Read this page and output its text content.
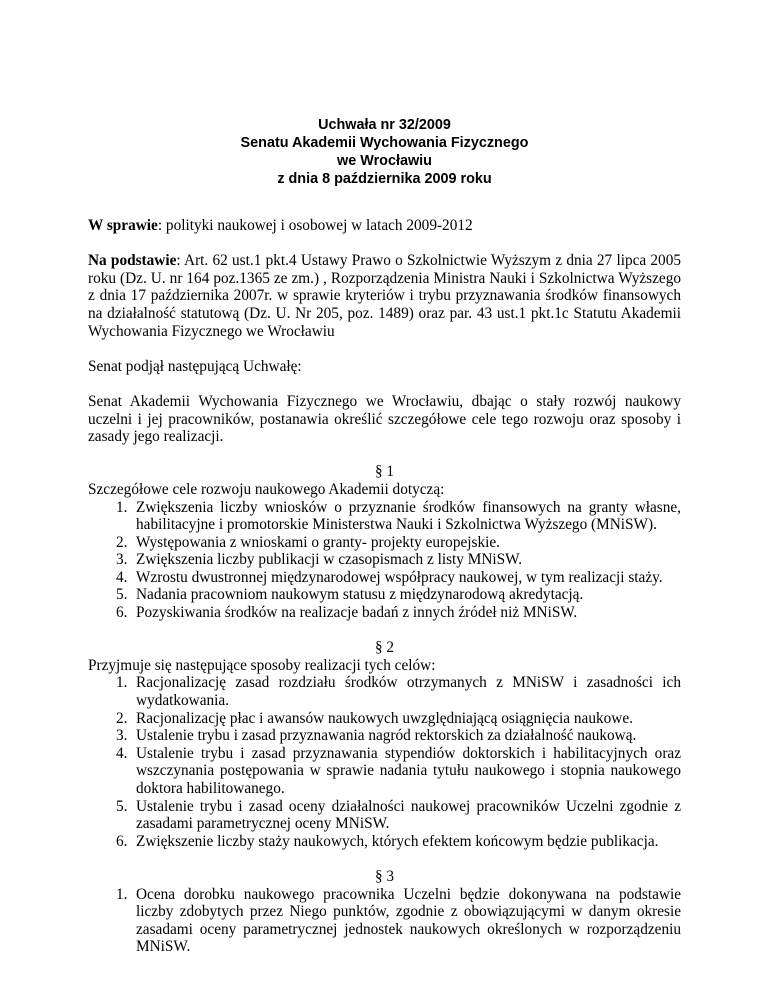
Uchwała nr 32/2009

Senatu Akademii Wychowania Fizycznego

we Wrocławiu

z dnia 8 października 2009 roku

W sprawie: polityki naukowej i osobowej w latach 2009-2012

Na podstawie: Art. 62 ust.1 pkt.4 Ustawy Prawo o Szkolnictwie Wyższym z dnia 27 lipca 2005 roku (Dz. U. nr 164 poz.1365 ze zm.) , Rozporządzenia Ministra Nauki i Szkolnictwa Wyższego z dnia 17 października 2007r. w sprawie kryteriów i trybu przyznawania środków finansowych na działalność statutową (Dz. U. Nr 205, poz. 1489) oraz par. 43 ust.1 pkt.1c Statutu Akademii Wychowania Fizycznego we Wrocławiu

Senat podjął następującą Uchwałę:

Senat Akademii Wychowania Fizycznego we Wrocławiu, dbając o stały rozwój naukowy uczelni i jej pracowników, postanawia określić szczegółowe cele tego rozwoju oraz sposoby i zasady jego realizacji.

§ 1

Szczegółowe cele rozwoju naukowego Akademii dotyczą:

1. Zwiększenia liczby wniosków o przyznanie środków finansowych na granty własne, habilitacyjne i promotorskie Ministerstwa Nauki i Szkolnictwa Wyższego (MNiSW).
2. Występowania z wnioskami o granty- projekty europejskie.
3. Zwiększenia liczby publikacji w czasopismach z listy MNiSW.
4. Wzrostu dwustronnej międzynarodowej współpracy naukowej, w tym realizacji staży.
5. Nadania pracowniom naukowym statusu z międzynarodową akredytacją.
6. Pozyskiwania środków na realizacje badań z innych źródeł niż MNiSW.

§ 2

Przyjmuje się następujące sposoby realizacji tych celów:

1. Racjonalizację zasad rozdziału środków otrzymanych z MNiSW i zasadności ich wydatkowania.
2. Racjonalizację płac i awansów naukowych uwzględniającą osiągnięcia naukowe.
3. Ustalenie trybu i zasad przyznawania nagród rektorskich za działalność naukową.
4. Ustalenie trybu i zasad przyznawania stypendiów doktorskich i habilitacyjnych oraz wszczynania postępowania w sprawie nadania tytułu naukowego i stopnia naukowego doktora habilitowanego.
5. Ustalenie trybu i zasad oceny działalności naukowej pracowników Uczelni zgodnie z zasadami parametrycznej oceny MNiSW.
6. Zwiększenie liczby staży naukowych, których efektem końcowym będzie publikacja.

§ 3

1. Ocena dorobku naukowego pracownika Uczelni będzie dokonywana na podstawie liczby zdobytych przez Niego punktów, zgodnie z obowiązującymi w danym okresie zasadami oceny parametrycznej jednostek naukowych określonych w rozporządzeniu MNiSW.
